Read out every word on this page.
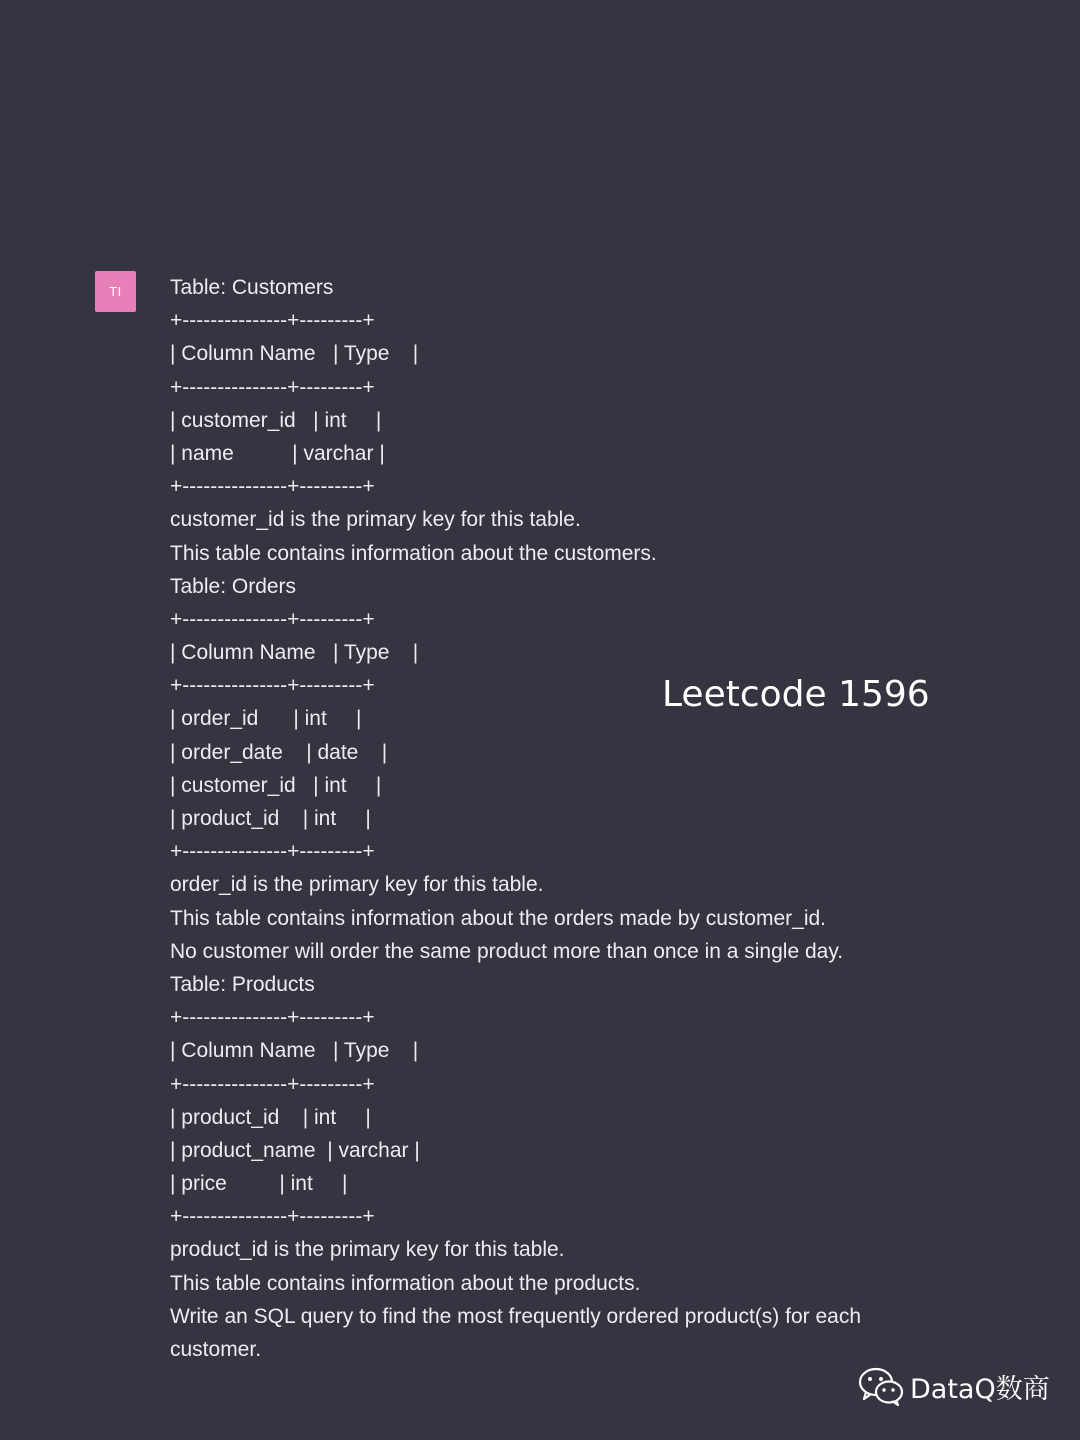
TI Table: Customers
+---------------+---------+
| Column Name   | Type    |
+---------------+---------+
| customer_id   | int     |
| name          | varchar |
+---------------+---------+
customer_id is the primary key for this table.
This table contains information about the customers.
Table: Orders
+---------------+---------+
| Column Name   | Type    |
+---------------+---------+
| order_id      | int     |
| order_date    | date    |
| customer_id   | int     |
| product_id    | int     |
+---------------+---------+
order_id is the primary key for this table.
This table contains information about the orders made by customer_id.
No customer will order the same product more than once in a single day.
Table: Products
+---------------+---------+
| Column Name   | Type    |
+---------------+---------+
| product_id    | int     |
| product_name  | varchar |
| price         | int     |
+---------------+---------+
product_id is the primary key for this table.
This table contains information about the products.
Write an SQL query to find the most frequently ordered product(s) for each customer.
Leetcode 1596
DataQ数商
